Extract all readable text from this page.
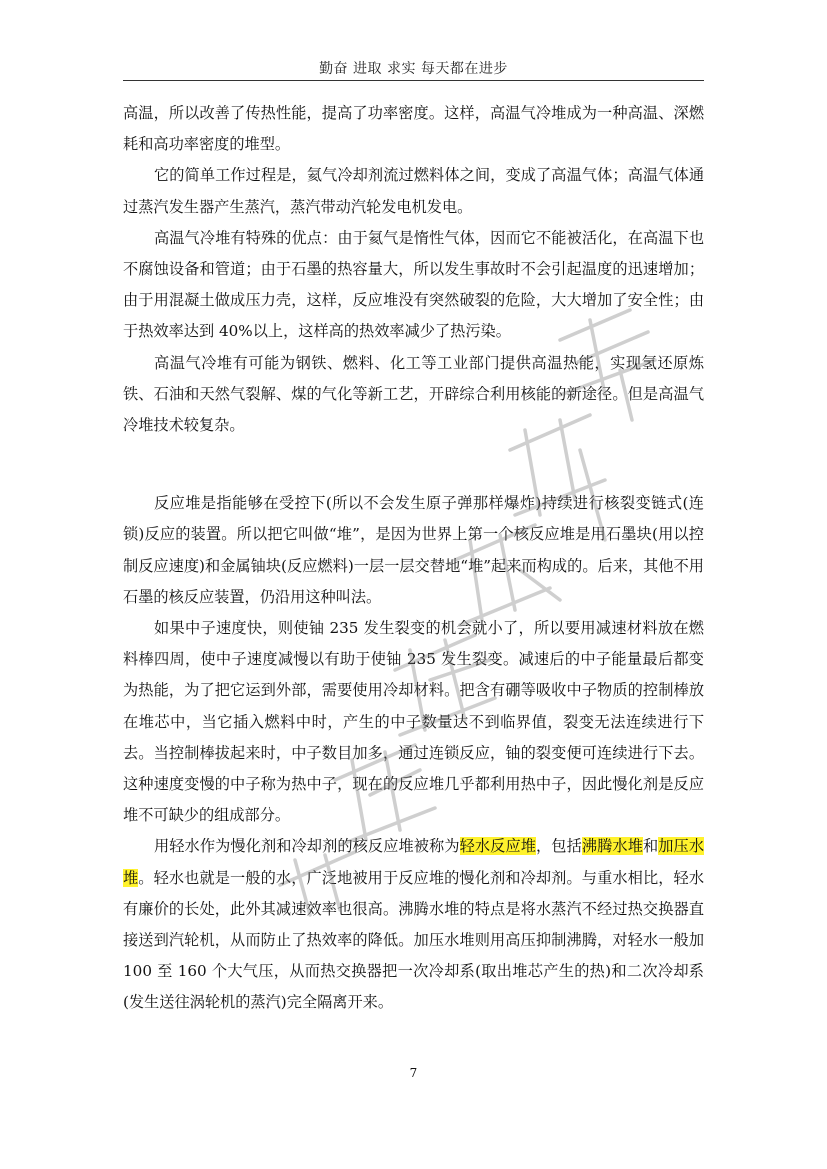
勤奋 进取 求实 每天都在进步

高温，所以改善了传热性能，提高了功率密度。这样，高温气冷堆成为一种高温、深燃耗和高功率密度的堆型。

它的简单工作过程是，氦气冷却剂流过燃料体之间，变成了高温气体；高温气体通过蒸汽发生器产生蒸汽，蒸汽带动汽轮发电机发电。

高温气冷堆有特殊的优点：由于氦气是惰性气体，因而它不能被活化，在高温下也不腐蚀设备和管道；由于石墨的热容量大，所以发生事故时不会引起温度的迅速增加；由于用混凝土做成压力壳，这样，反应堆没有突然破裂的危险，大大增加了安全性；由于热效率达到 40%以上，这样高的热效率减少了热污染。

高温气冷堆有可能为钢铁、燃料、化工等工业部门提供高温热能，实现氢还原炼铁、石油和天然气裂解、煤的气化等新工艺，开辟综合利用核能的新途径。但是高温气冷堆技术较复杂。

反应堆是指能够在受控下(所以不会发生原子弹那样爆炸)持续进行核裂变链式(连锁)反应的装置。所以把它叫做“堆”，是因为世界上第一个核反应堆是用石墨块(用以控制反应速度)和金属铀块(反应燃料)一层一层交替地“堆”起来而构成的。后来，其他不用石墨的核反应装置，仍沿用这种叫法。

如果中子速度快，则使铀 235 发生裂变的机会就小了，所以要用减速材料放在燃料棒四周，使中子速度减慢以有助于使铀 235 发生裂变。减速后的中子能量最后都变为热能，为了把它运到外部，需要使用冷却材料。把含有硼等吸收中子物质的控制棒放在堆芯中，当它插入燃料中时，产生的中子数量达不到临界值，裂变无法连续进行下去。当控制棒拔起来时，中子数目加多，通过连锁反应，铀的裂变便可连续进行下去。这种速度变慢的中子称为热中子，现在的反应堆几乎都利用热中子，因此慢化剂是反应堆不可缺少的组成部分。

用轻水作为慢化剂和冷却剂的核反应堆被称为轻水反应堆，包括沸腾水堆和加压水堆。轻水也就是一般的水，广泛地被用于反应堆的慢化剂和冷却剂。与重水相比，轻水有廉价的长处，此外其减速效率也很高。沸腾水堆的特点是将水蒸汽不经过热交换器直接送到汽轮机，从而防止了热效率的降低。加压水堆则用高压抑制沸腾，对轻水一般加 100 至 160 个大气压，从而热交换器把一次冷却系(取出堆芯产生的热)和二次冷却系(发生送往涡轮机的蒸汽)完全隔离开来。

7
